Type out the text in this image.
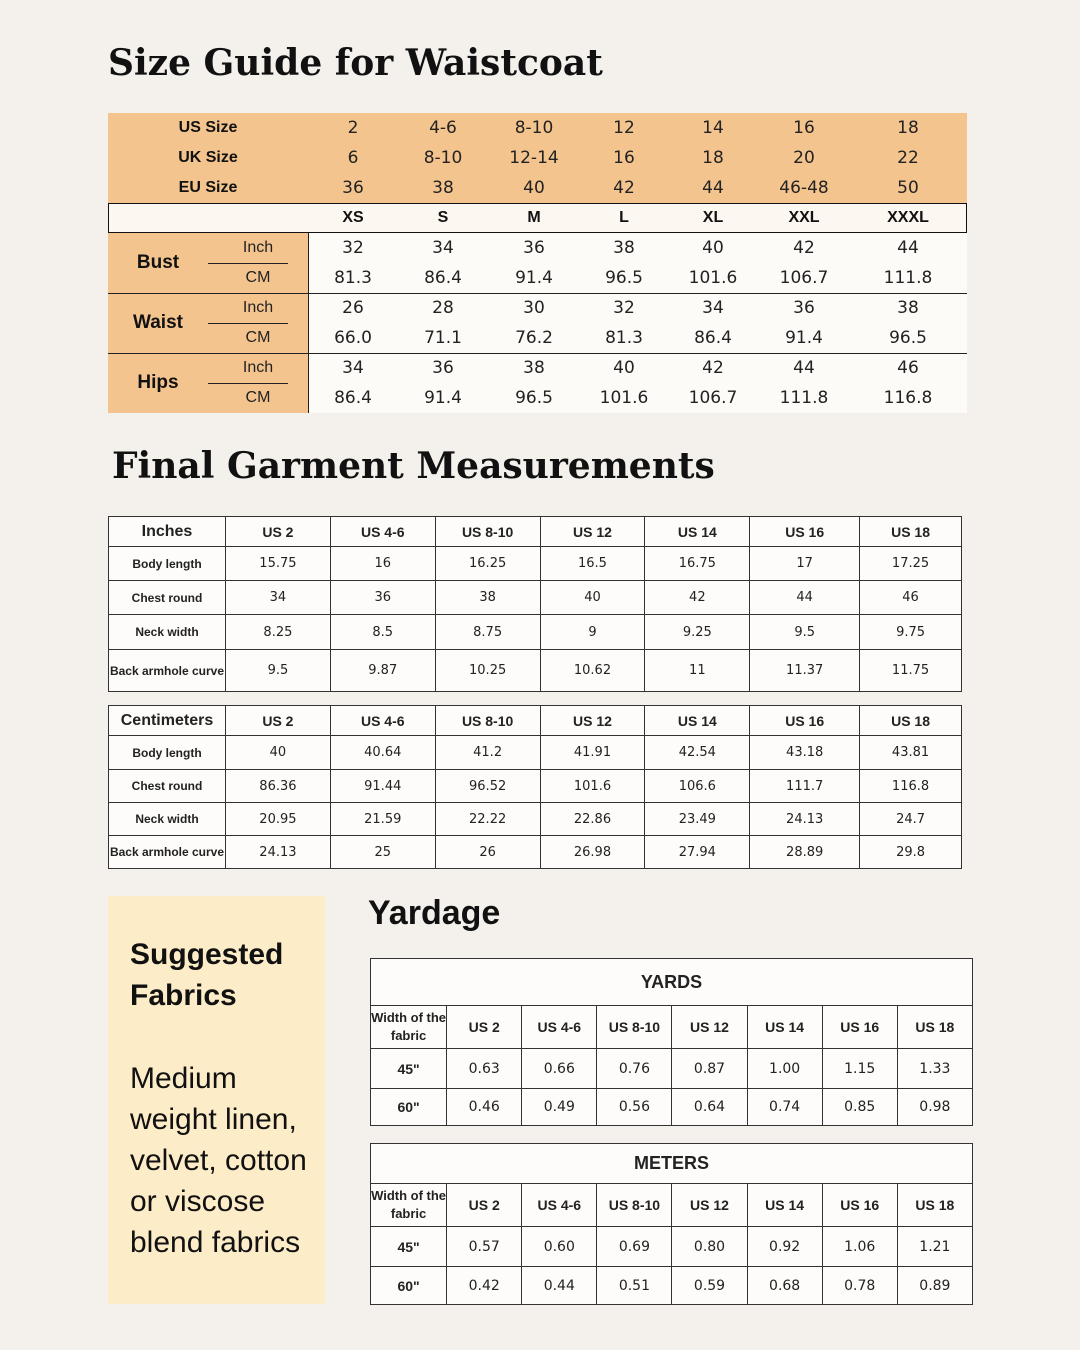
Size Guide for Waistcoat
US Size	2	4-6	8-10	12	14	16	18
UK Size	6	8-10	12-14	16	18	20	22
EU Size	36	38	40	42	44	46-48	50
XS	S	M	L	XL	XXL	XXXL
Bust
Inch	32	34	36	38	40	42	44
CM	81.3	86.4	91.4	96.5	101.6	106.7	111.8
Waist
Inch	26	28	30	32	34	36	38
CM	66.0	71.1	76.2	81.3	86.4	91.4	96.5
Hips
Inch	34	36	38	40	42	44	46
CM	86.4	91.4	96.5	101.6	106.7	111.8	116.8
Final Garment Measurements
Inches	US 2	US 4-6	US 8-10	US 12	US 14	US 16	US 18
Body length	15.75	16	16.25	16.5	16.75	17	17.25
Chest round	34	36	38	40	42	44	46
Neck width	8.25	8.5	8.75	9	9.25	9.5	9.75
Back armhole curve	9.5	9.87	10.25	10.62	11	11.37	11.75
Centimeters	US 2	US 4-6	US 8-10	US 12	US 14	US 16	US 18
Body length	40	40.64	41.2	41.91	42.54	43.18	43.81
Chest round	86.36	91.44	96.52	101.6	106.6	111.7	116.8
Neck width	20.95	21.59	22.22	22.86	23.49	24.13	24.7
Back armhole curve	24.13	25	26	26.98	27.94	28.89	29.8
Suggested Fabrics
Medium weight linen, velvet, cotton or viscose blend fabrics
Yardage
YARDS							
Width of the fabric	US 2	US 4-6	US 8-10	US 12	US 14	US 16	US 18
45"	0.63	0.66	0.76	0.87	1.00	1.15	1.33
60"	0.46	0.49	0.56	0.64	0.74	0.85	0.98
METERS							
Width of the fabric	US 2	US 4-6	US 8-10	US 12	US 14	US 16	US 18
45"	0.57	0.60	0.69	0.80	0.92	1.06	1.21
60"	0.42	0.44	0.51	0.59	0.68	0.78	0.89
